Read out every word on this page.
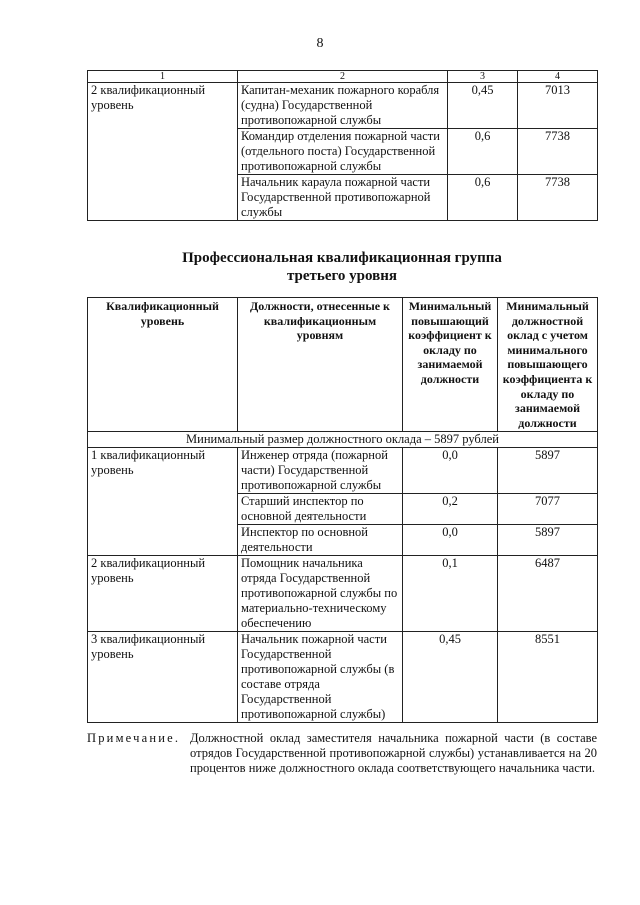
8
1	2	3	4
2 квалификационный уровень	Капитан-механик пожарного корабля (судна) Государственной противопожарной службы	0,45	7013
	Командир отделения пожарной части (отдельного поста) Государственной противопожарной службы	0,6	7738
	Начальник караула пожарной части Государственной противопожарной службы	0,6	7738
Профессиональная квалификационная группа
третьего уровня
Квалификационный уровень	Должности, отнесенные к квалификационным уровням	Минимальный повышающий коэффициент к окладу по занимаемой должности	Минимальный должностной оклад с учетом минимального повышающего коэффициента к окладу по занимаемой должности
Минимальный размер должностного оклада – 5897 рублей			
1 квалификационный уровень	Инженер отряда (пожарной части) Государственной противопожарной службы	0,0	5897
	Старший инспектор по основной деятельности	0,2	7077
	Инспектор по основной деятельности	0,0	5897
2 квалификационный уровень	Помощник начальника отряда Государственной противопожарной службы по материально-техническому обеспечению	0,1	6487
3 квалификационный уровень	Начальник пожарной части Государственной противопожарной службы (в составе отряда Государственной противопожарной службы)	0,45	8551
Примечание. Должностной оклад заместителя начальника пожарной части (в составе отрядов Государственной противопожарной службы) устанавливается на 20 процентов ниже должностного оклада соответствующего начальника части.
